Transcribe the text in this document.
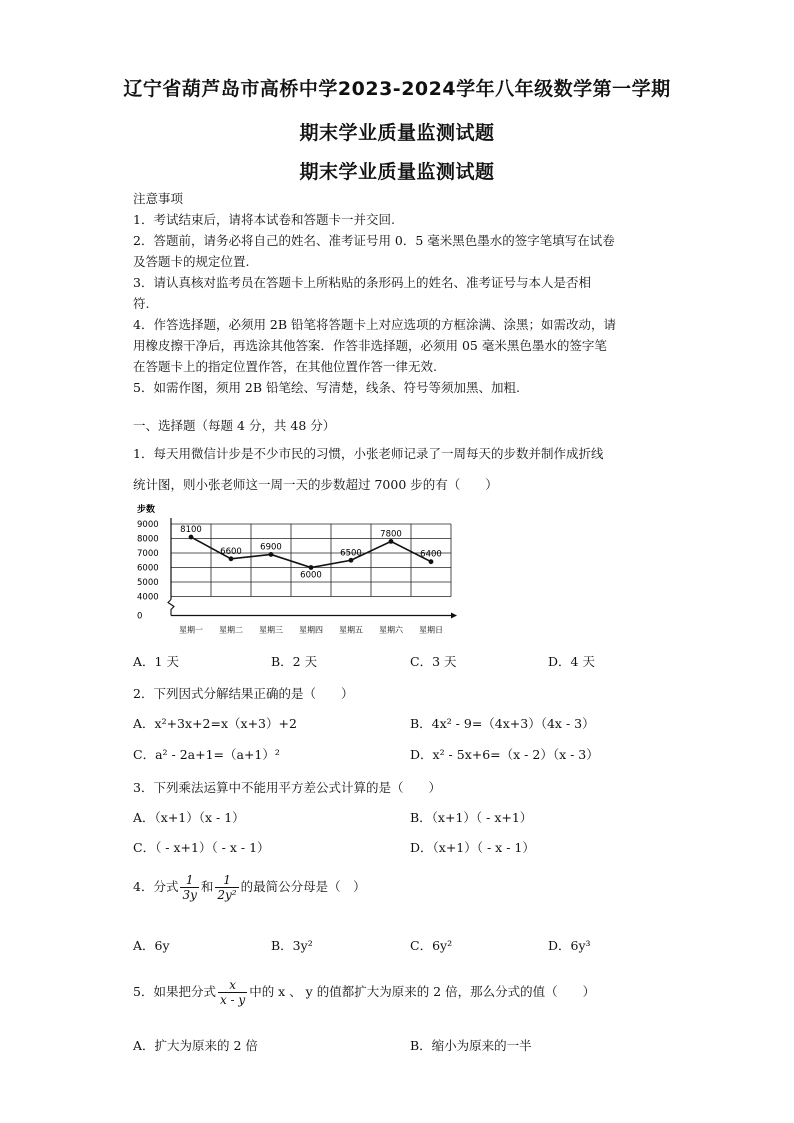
辽宁省葫芦岛市高桥中学2023-2024学年八年级数学第一学期
期末学业质量监测试题
期末学业质量监测试题
注意事项
1．考试结束后，请将本试卷和答题卡一并交回.
2．答题前，请务必将自己的姓名、准考证号用 0．5 毫米黑色墨水的签字笔填写在试卷
及答题卡的规定位置.
3．请认真核对监考员在答题卡上所粘贴的条形码上的姓名、准考证号与本人是否相
符.
4．作答选择题，必须用 2B 铅笔将答题卡上对应选项的方框涂满、涂黑；如需改动，请
用橡皮擦干净后，再选涂其他答案．作答非选择题，必须用 05 毫米黑色墨水的签字笔
在答题卡上的指定位置作答，在其他位置作答一律无效.
5．如需作图，须用 2B 铅笔绘、写清楚，线条、符号等须加黑、加粗.
一、选择题（每题 4 分，共 48 分）
1．每天用微信计步是不少市民的习惯，小张老师记录了一周每天的步数并制作成折线
统计图，则小张老师这一周一天的步数超过 7000 步的有（　　）
步数
9000
8000
7000
6000
5000
4000
0
星期一 星期二 星期三 星期四 星期五 星期六 星期日
8100
6600 6900
6000
6500
7800
6400
A．1 天	B．2 天	C．3 天	D．4 天
2．下列因式分解结果正确的是（　　）
A．x²+3x+2=x（x+3）+2	B．4x² - 9=（4x+3）（4x - 3）
C．a² - 2a+1=（a+1）²	D．x² - 5x+6=（x - 2）（x - 3）
3．下列乘法运算中不能用平方差公式计算的是（　　）
A．（x+1）（x - 1）	B．（x+1）（ - x+1）
C．（ - x+1）（ - x - 1）	D．（x+1）（ - x - 1）
4．分式 $\frac{1}{3y}$ 和 $\frac{1}{\text{2y²}}$ 的最简公分母是（　）
A．6y	B．3y²	C．6y²	D．6y³
5．如果把分式 $\frac{x}{x - y}$ 中的 x 、 y 的值都扩大为原来的 2 倍，那么分式的值（　　）
A．扩大为原来的 2 倍	B．缩小为原来的一半
